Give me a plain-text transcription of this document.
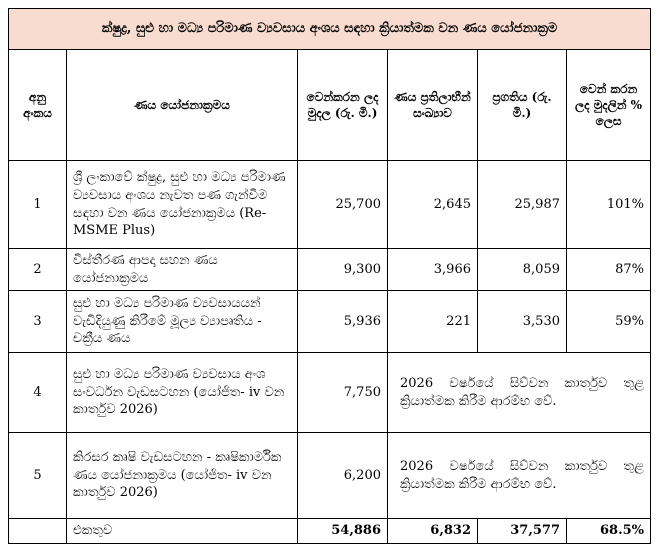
ක්ෂුද්‍ර, සුළු හා මධ්‍ය පරිමාණ ව්‍යවසාය අංශය සඳහා ක්‍රියාත්මක වන ණය යෝජනාක්‍රම					
අනු අංකය	ණය යෝජනාක්‍රමය	වෙන්කරන ලද මුදල (රු. මි.)	ණය ප්‍රතිලාභීන් සංඛ්‍යාව	ප්‍රගතිය (රු. මි.)	වෙන් කරන ලද මුදලින් % ලෙස
1	ශ්‍රී ලංකාවේ ක්ෂුද්‍ර, සුළු හා මධ්‍ය පරිමාණ ව්‍යවසාය අංශය නැවත පණ ගැන්වීම සඳහා වන ණය යෝජනාක්‍රමය (Re-MSME Plus)	25,700	2,645	25,987	101%
2	විස්තීරණ ආපදා සහන ණය යෝජනාක්‍රමය	9,300	3,966	8,059	87%
3	සුළු හා මධ්‍ය පරිමාණ ව්‍යවසායයන් වැඩිදියුණු කිරීමේ මූල්‍ය ව්‍යාපෘතිය - චක්‍රීය ණය	5,936	221	3,530	59%
4	සුළු හා මධ්‍ය පරිමාණ ව්‍යවසාය අංශ සංවර්ධන වැඩසටහන (යෝජිත- iv වන කාර්තුව 2026)	7,750	2026 වර්ෂයේ සිව්වන කාර්තුව තුළ ක්‍රියාත්මක කිරීම ආරම්භ වේ.		
5	කිරසර කෘෂි වැඩසටහන - කෘෂිකාර්මික ණය යෝජනාක්‍රමය (යෝජිත- iv වන කාර්තුව 2026)	6,200	2026 වර්ෂයේ සිව්වන කාර්තුව තුළ ක්‍රියාත්මක කිරීම ආරම්භ වේ.		
	එකතුව	54,886	6,832	37,577	68.5%
